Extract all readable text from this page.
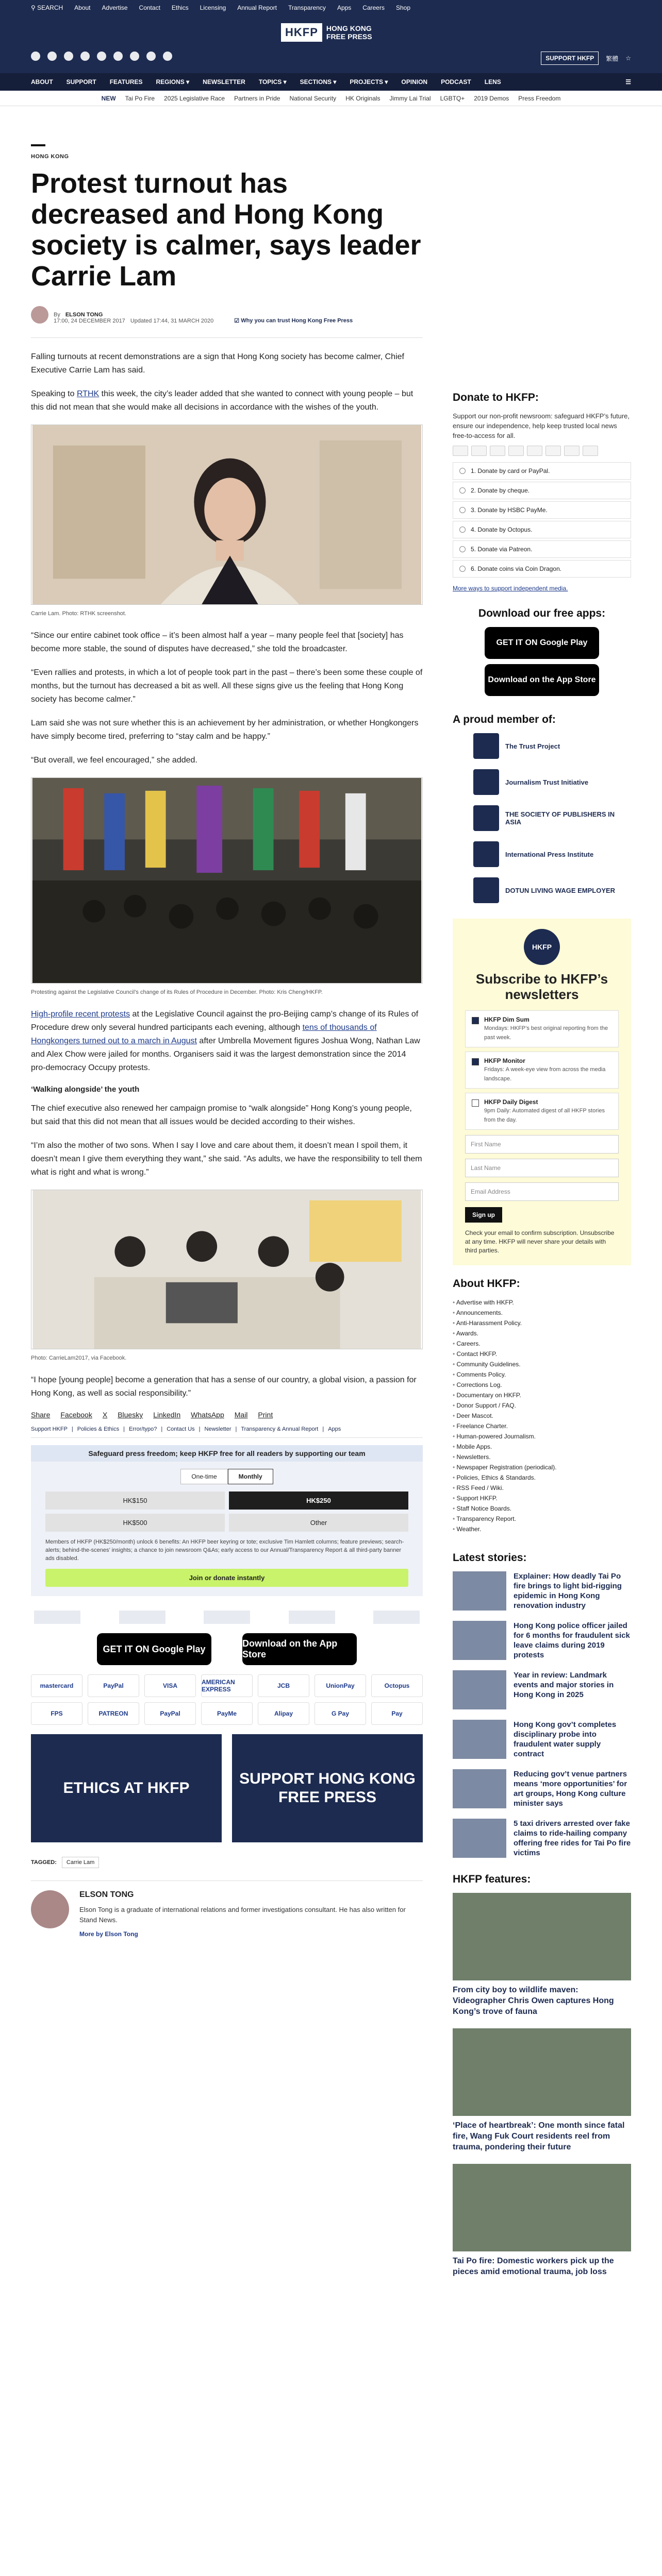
⚲ SEARCH About Advertise Contact Ethics Licensing Annual Report Transparency Apps Careers Shop
HKFP	HONG KONG FREE PRESS
SUPPORT HKFP	繁體 ☆
ABOUT SUPPORT FEATURES REGIONS ▾ NEWSLETTER TOPICS ▾ SECTIONS ▾ PROJECTS ▾ OPINION PODCAST LENS	☰
NEW Tai Po Fire 2025 Legislative Race Partners in Pride National Security HK Originals Jimmy Lai Trial LGBTQ+ 2019 Demos Press Freedom
HONG KONG
Protest turnout has decreased and Hong Kong society is calmer, says leader Carrie Lam
By ELSON TONG
17:00, 24 DECEMBER 2017 Updated 17:44, 31 MARCH 2020	☑ Why you can trust Hong Kong Free Press

Falling turnouts at recent demonstrations are a sign that Hong Kong society has become calmer, Chief Executive Carrie Lam has said.

Speaking to RTHK this week, the city’s leader added that she wanted to connect with young people – but this did not mean that she would make all decisions in accordance with the wishes of the youth.

Carrie Lam. Photo: RTHK screenshot.

“Since our entire cabinet took office – it’s been almost half a year – many people feel that [society] has become more stable, the sound of disputes have decreased,” she told the broadcaster.

“Even rallies and protests, in which a lot of people took part in the past – there’s been some these couple of months, but the turnout has decreased a bit as well. All these signs give us the feeling that Hong Kong society has become calmer.”

Lam said she was not sure whether this is an achievement by her administration, or whether Hongkongers have simply become tired, preferring to “stay calm and be happy.”

“But overall, we feel encouraged,” she added.

Protesting against the Legislative Council’s change of its Rules of Procedure in December. Photo: Kris Cheng/HKFP.

High-profile recent protests at the Legislative Council against the pro-Beijing camp’s change of its Rules of Procedure drew only several hundred participants each evening, although tens of thousands of Hongkongers turned out to a march in August after Umbrella Movement figures Joshua Wong, Nathan Law and Alex Chow were jailed for months. Organisers said it was the largest demonstration since the 2014 pro-democracy Occupy protests.

‘Walking alongside’ the youth

The chief executive also renewed her campaign promise to “walk alongside” Hong Kong’s young people, but said that this did not mean that all issues would be decided according to their wishes.

“I’m also the mother of two sons. When I say I love and care about them, it doesn’t mean I spoil them, it doesn’t mean I give them everything they want,” she said. “As adults, we have the responsibility to tell them what is right and what is wrong.”

Photo: CarrieLam2017, via Facebook.

“I hope [young people] become a generation that has a sense of our country, a global vision, a passion for Hong Kong, as well as social responsibility.”

Share Facebook X Bluesky LinkedIn WhatsApp Mail Print
Support HKFP | Policies & Ethics | Error/typo? | Contact Us | Newsletter | Transparency & Annual Report | Apps
Safeguard press freedom; keep HKFP free for all readers by supporting our team
One-time	Monthly
HK$150	HK$250
HK$500	Other

Members of HKFP (HK$250/month) unlock 6 benefits: An HKFP beer keyring or tote; exclusive Tim Hamlett columns; feature previews; search-alerts; behind-the-scenes’ insights; a chance to join newsroom Q&As; early access to our Annual/Transparency Report & all third-party banner ads disabled.

Join or donate instantly
GET IT ON Google Play
Download on the App Store
mastercard	PayPal	VISA	AMERICAN EXPRESS	JCB	UnionPay	Octopus
FPS	PATREON	PayPal	PayMe	Alipay	G Pay	Pay
ETHICS AT HKFP
SUPPORT HONG KONG FREE PRESS
TAGGED:	Carrie Lam
ELSON TONG

Elson Tong is a graduate of international relations and former investigations consultant. He has also written for Stand News.

More by Elson Tong
Donate to HKFP:

Support our non-profit newsroom: safeguard HKFP’s future, ensure our independence, help keep trusted local news free-to-access for all.

1. Donate by card or PayPal.
2. Donate by cheque.
3. Donate by HSBC PayMe.
4. Donate by Octopus.
5. Donate via Patreon.
6. Donate coins via Coin Dragon.
More ways to support independent media.
Download our free apps:
GET IT ON Google Play
Download on the App Store
A proud member of:
The Trust Project
Journalism Trust Initiative
THE SOCIETY OF PUBLISHERS IN ASIA
International Press Institute
DOTUN LIVING WAGE EMPLOYER
HKFP
Subscribe to HKFP’s newsletters
HKFP Dim Sum
Mondays: HKFP’s best original reporting from the past week.
HKFP Monitor
Fridays: A week-eye view from across the media landscape.
HKFP Daily Digest
9pm Daily: Automated digest of all HKFP stories from the day.
First Name
Last Name
Email Address
Sign up

Check your email to confirm subscription. Unsubscribe at any time. HKFP will never share your details with third parties.

About HKFP:
• Advertise with HKFP.
• Announcements.
• Anti-Harassment Policy.
• Awards.
• Careers.
• Contact HKFP.
• Community Guidelines.
• Comments Policy.
• Corrections Log.
• Documentary on HKFP.
• Donor Support / FAQ.
• Deer Mascot.
• Freelance Charter.
• Human-powered Journalism.
• Mobile Apps.
• Newsletters.
• Newspaper Registration (periodical).
• Policies, Ethics & Standards.
• RSS Feed / Wiki.
• Support HKFP.
• Staff Notice Boards.
• Transparency Report.
• Weather.
Latest stories:
Explainer: How deadly Tai Po fire brings to light bid-rigging epidemic in Hong Kong renovation industry
Hong Kong police officer jailed for 6 months for fraudulent sick leave claims during 2019 protests
Year in review: Landmark events and major stories in Hong Kong in 2025
Hong Kong gov’t completes disciplinary probe into fraudulent water supply contract
Reducing gov’t venue partners means ‘more opportunities’ for art groups, Hong Kong culture minister says
5 taxi drivers arrested over fake claims to ride-hailing company offering free rides for Tai Po fire victims
HKFP features:
From city boy to wildlife maven: Videographer Chris Owen captures Hong Kong’s trove of fauna
‘Place of heartbreak’: One month since fatal fire, Wang Fuk Court residents reel from trauma, pondering their future
Tai Po fire: Domestic workers pick up the pieces amid emotional trauma, job loss
